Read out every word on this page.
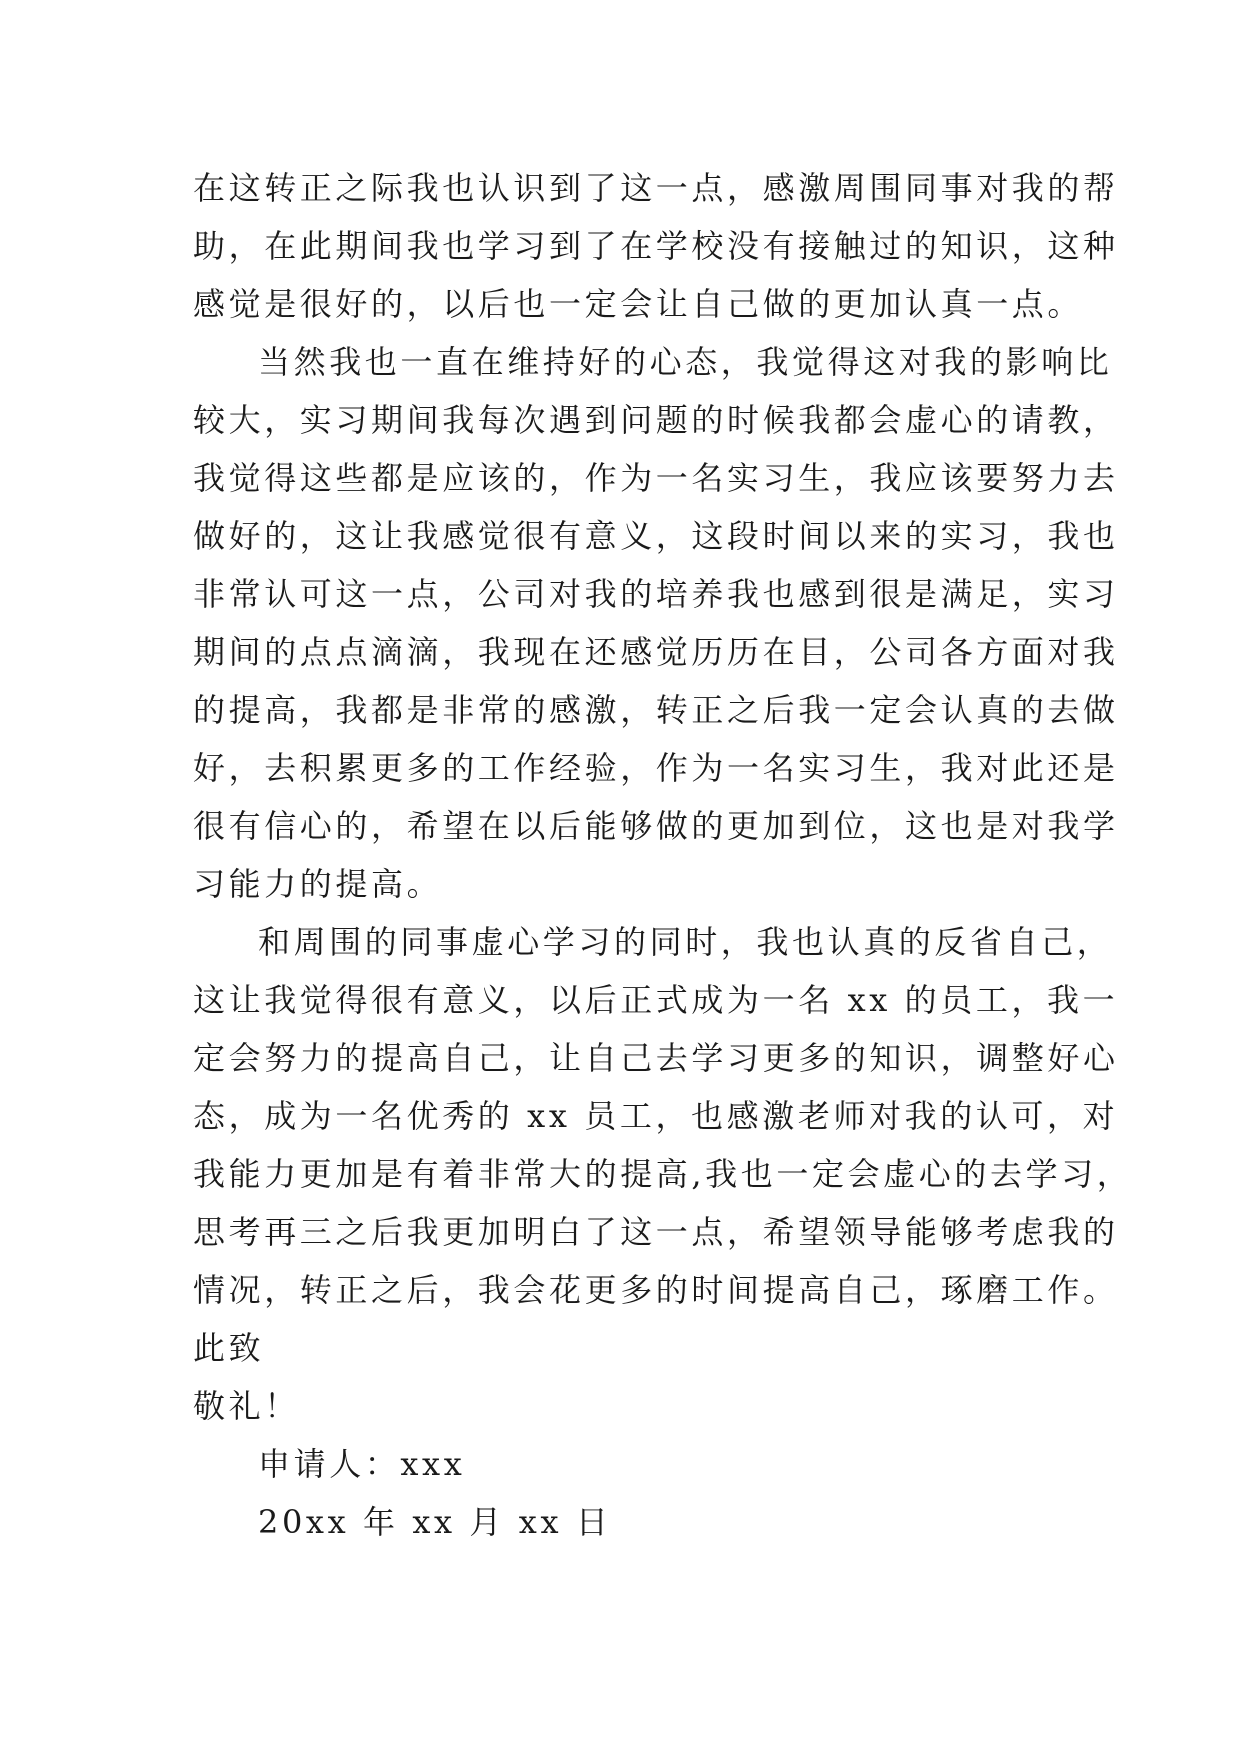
在这转正之际我也认识到了这一点，感激周围同事对我的帮

助，在此期间我也学习到了在学校没有接触过的知识，这种

感觉是很好的，以后也一定会让自己做的更加认真一点。

当然我也一直在维持好的心态，我觉得这对我的影响比

较大，实习期间我每次遇到问题的时候我都会虚心的请教，

我觉得这些都是应该的，作为一名实习生，我应该要努力去

做好的，这让我感觉很有意义，这段时间以来的实习，我也

非常认可这一点，公司对我的培养我也感到很是满足，实习

期间的点点滴滴，我现在还感觉历历在目，公司各方面对我

的提高，我都是非常的感激，转正之后我一定会认真的去做

好，去积累更多的工作经验，作为一名实习生，我对此还是

很有信心的，希望在以后能够做的更加到位，这也是对我学

习能力的提高。

和周围的同事虚心学习的同时，我也认真的反省自己，

这让我觉得很有意义，以后正式成为一名 xx 的员工，我一

定会努力的提高自己，让自己去学习更多的知识，调整好心

态，成为一名优秀的 xx 员工，也感激老师对我的认可，对

我能力更加是有着非常大的提高,我也一定会虚心的去学习，

思考再三之后我更加明白了这一点，希望领导能够考虑我的

情况，转正之后，我会花更多的时间提高自己，琢磨工作。

此致

敬礼！

申请人：xxx

20xx 年 xx 月 xx 日
